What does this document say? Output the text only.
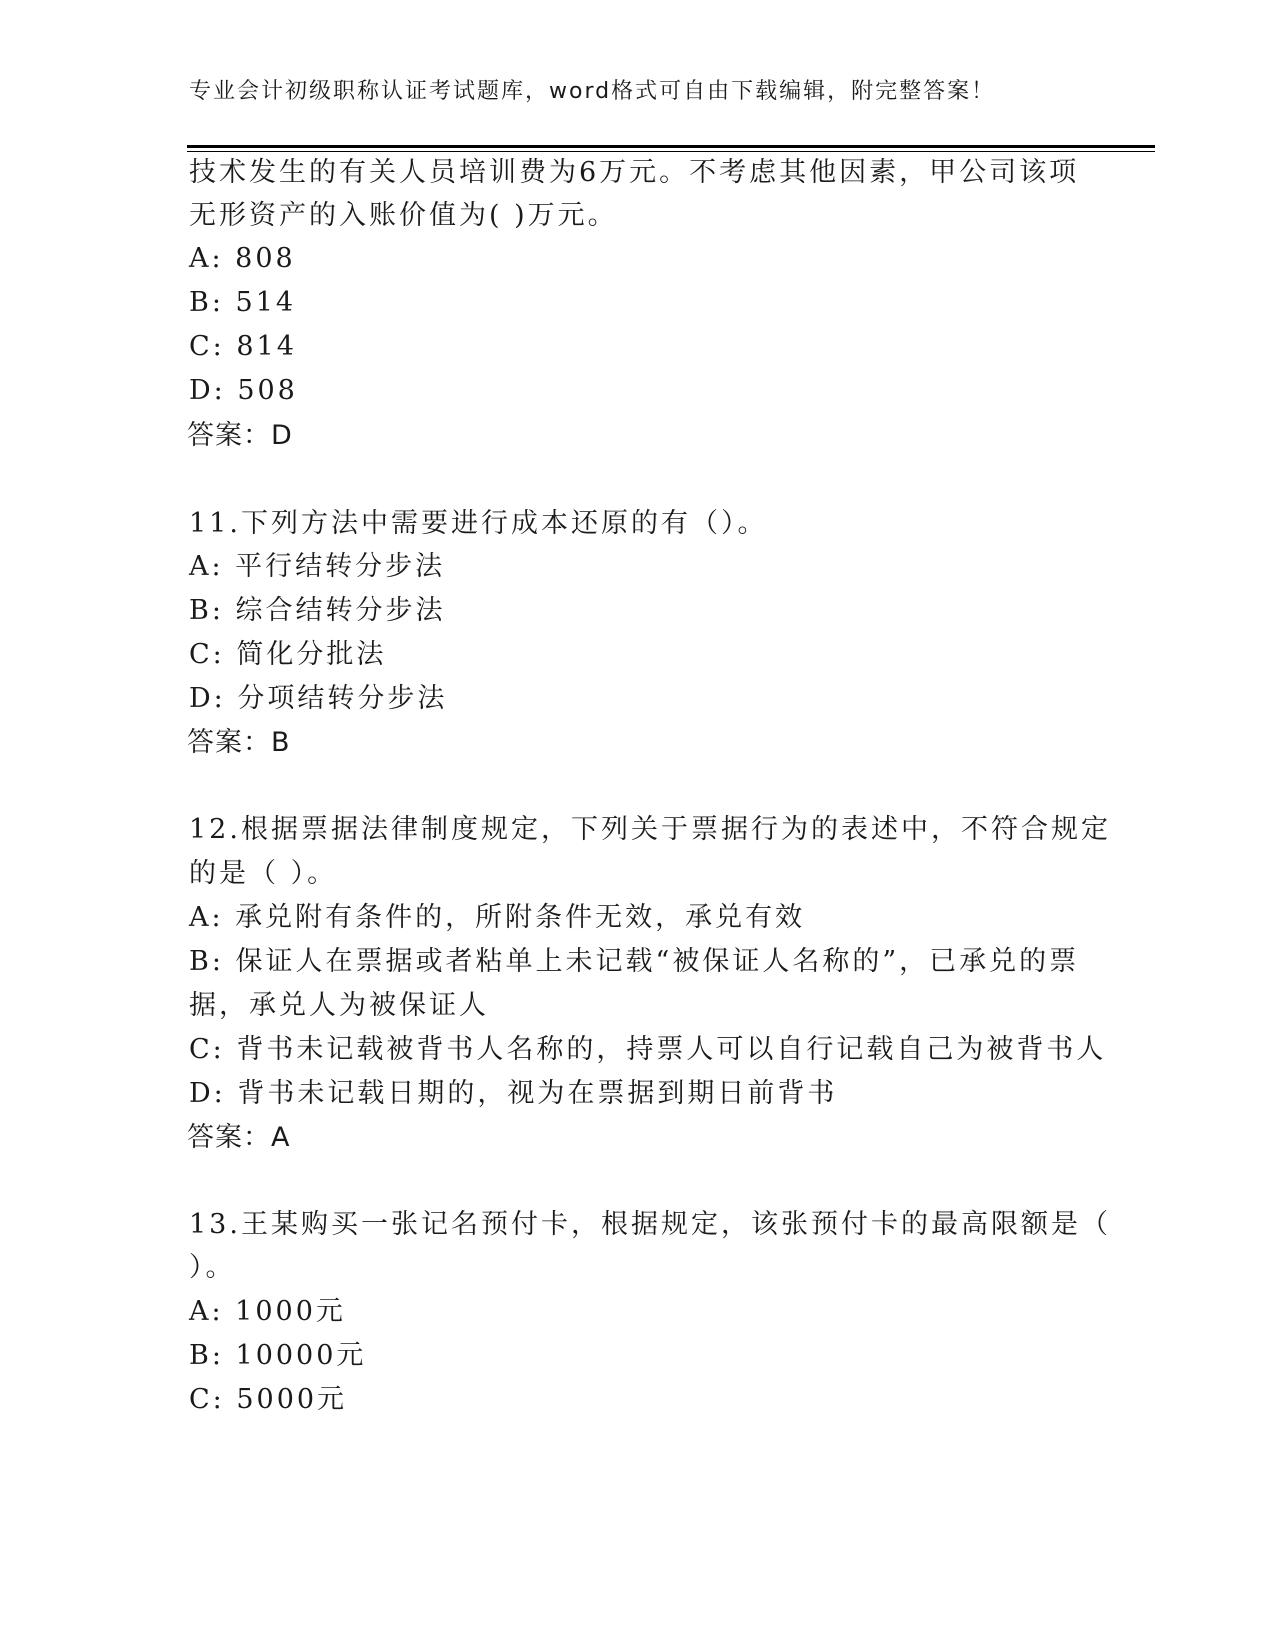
专业会计初级职称认证考试题库，word格式可自由下载编辑，附完整答案！
技术发生的有关人员培训费为6万元。不考虑其他因素，甲公司该项
无形资产的入账价值为( )万元。
A: 808
B: 514
C: 814
D: 508
答案：D
11.下列方法中需要进行成本还原的有（）。
A: 平行结转分步法
B: 综合结转分步法
C: 简化分批法
D: 分项结转分步法
答案：B
12.根据票据法律制度规定，下列关于票据行为的表述中，不符合规定
的是（ ）。
A: 承兑附有条件的，所附条件无效，承兑有效
B: 保证人在票据或者粘单上未记载“被保证人名称的”，已承兑的票
据，承兑人为被保证人
C: 背书未记载被背书人名称的，持票人可以自行记载自己为被背书人
D: 背书未记载日期的，视为在票据到期日前背书
答案：A
13.王某购买一张记名预付卡，根据规定，该张预付卡的最高限额是（
）。
A: 1000元
B: 10000元
C: 5000元
